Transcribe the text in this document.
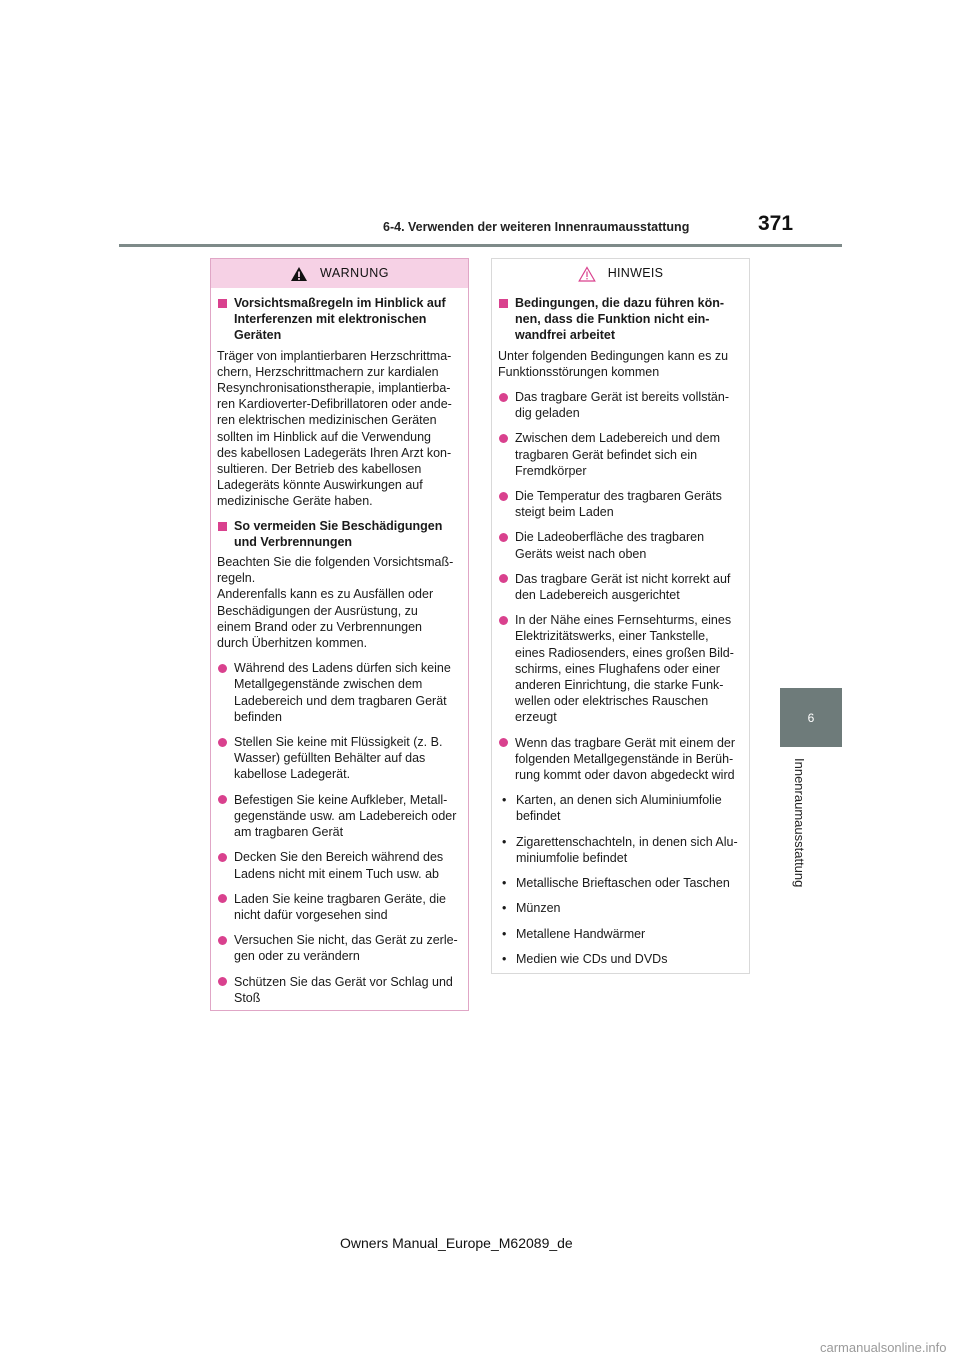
6-4. Verwenden der weiteren Innenraumausstattung	371
6
Innenraumausstattung
WARNUNG
Vorsichtsmaßregeln im Hinblick auf
Interferenzen mit elektronischen
Geräten
Träger von implantierbaren Herzschrittma-
chern, Herzschrittmachern zur kardialen
Resynchronisationstherapie, implantierba-
ren Kardioverter-Defibrillatoren oder ande-
ren elektrischen medizinischen Geräten
sollten im Hinblick auf die Verwendung
des kabellosen Ladegeräts Ihren Arzt kon-
sultieren. Der Betrieb des kabellosen
Ladegeräts könnte Auswirkungen auf
medizinische Geräte haben.
So vermeiden Sie Beschädigungen
und Verbrennungen
Beachten Sie die folgenden Vorsichtsmaß-
regeln.
Anderenfalls kann es zu Ausfällen oder
Beschädigungen der Ausrüstung, zu
einem Brand oder zu Verbrennungen
durch Überhitzen kommen.
Während des Ladens dürfen sich keine
Metallgegenstände zwischen dem
Ladebereich und dem tragbaren Gerät
befinden
Stellen Sie keine mit Flüssigkeit (z. B.
Wasser) gefüllten Behälter auf das
kabellose Ladegerät.
Befestigen Sie keine Aufkleber, Metall-
gegenstände usw. am Ladebereich oder
am tragbaren Gerät
Decken Sie den Bereich während des
Ladens nicht mit einem Tuch usw. ab
Laden Sie keine tragbaren Geräte, die
nicht dafür vorgesehen sind
Versuchen Sie nicht, das Gerät zu zerle-
gen oder zu verändern
Schützen Sie das Gerät vor Schlag und
Stoß
HINWEIS
Bedingungen, die dazu führen kön-
nen, dass die Funktion nicht ein-
wandfrei arbeitet
Unter folgenden Bedingungen kann es zu
Funktionsstörungen kommen
Das tragbare Gerät ist bereits vollstän-
dig geladen
Zwischen dem Ladebereich und dem
tragbaren Gerät befindet sich ein
Fremdkörper
Die Temperatur des tragbaren Geräts
steigt beim Laden
Die Ladeoberfläche des tragbaren
Geräts weist nach oben
Das tragbare Gerät ist nicht korrekt auf
den Ladebereich ausgerichtet
In der Nähe eines Fernsehturms, eines
Elektrizitätswerks, einer Tankstelle,
eines Radiosenders, eines großen Bild-
schirms, eines Flughafens oder einer
anderen Einrichtung, die starke Funk-
wellen oder elektrisches Rauschen
erzeugt
Wenn das tragbare Gerät mit einem der
folgenden Metallgegenstände in Berüh-
rung kommt oder davon abgedeckt wird
• Karten, an denen sich Aluminiumfolie
befindet
• Zigarettenschachteln, in denen sich Alu-
miniumfolie befindet
• Metallische Brieftaschen oder Taschen
• Münzen
• Metallene Handwärmer
• Medien wie CDs und DVDs
Owners Manual_Europe_M62089_de
carmanualsonline.info
